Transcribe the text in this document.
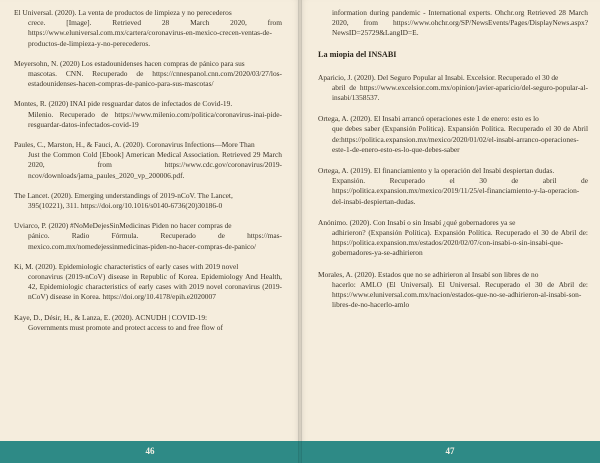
El Universal. (2020). La venta de productos de limpieza y no perecederos
crece. [Image]. Retrieved 28 March 2020, from https://www.eluniversal.com.mx/cartera/coronavirus-en-mexico-crecen-ventas-de-productos-de-limpieza-y-no-perecederos.

Meyersohn, N. (2020) Los estadounidenses hacen compras de pánico para sus
mascotas. CNN. Recuperado de https://cnnespanol.cnn.com/2020/03/27/los-estadounidenses-hacen-compras-de-panico-para-sus-mascotas/

Montes, R. (2020) INAI pide resguardar datos de infectados de Covid-19.
Milenio. Recuperado de https://www.milenio.com/politica/coronavirus-inai-pide-resguardar-datos-infectados-covid-19

Paules, C., Marston, H., & Fauci, A. (2020). Coronavirus Infections—More Than
Just the Common Cold [Ebook] American Medical Association. Retrieved 29 March 2020, from https://www.cdc.gov/coronavirus/2019-ncov/downloads/jama_paules_2020_vp_200006.pdf.

The Lancet. (2020). Emerging understandings of 2019-nCoV. The Lancet,
395(10221), 311. https://doi.org/10.1016/s0140-6736(20)30186-0

Uviarco, P. (2020) #NoMeDejesSinMedicinas Piden no hacer compras de
pánico. Radio Fórmula. Recuperado de https://mas-mexico.com.mx/nomedejessinmedicinas-piden-no-hacer-compras-de-panico/

Ki, M. (2020). Epidemiologic characteristics of early cases with 2019 novel
coronavirus (2019-nCoV) disease in Republic of Korea. Epidemiology And Health, 42, Epidemiologic characteristics of early cases with 2019 novel coronavirus (2019-nCoV) disease in Korea. https://doi.org/10.4178/epih.e2020007

Kaye, D., Désir, H., & Lanza, E. (2020). ACNUDH | COVID-19:
Governments must promote and protect access to and free flow of

46

information during pandemic - International experts. Ohchr.org Retrieved 28 March 2020, from https://www.ohchr.org/SP/NewsEvents/Pages/DisplayNews.aspx?NewsID=25729&LangID=E.

La miopia del INSABI

Aparicio, J. (2020). Del Seguro Popular al Insabi. Excelsior. Recuperado el 30 de
abril de https://www.excelsior.com.mx/opinion/javier-aparicio/del-seguro-popular-al-insabi/1358537.

Ortega, A. (2020). El Insabi arrancó operaciones este 1 de enero: esto es lo
que debes saber (Expansión Política). Expansión Política. Recuperado el 30 de Abril de:https://politica.expansion.mx/mexico/2020/01/02/el-insabi-arranco-operaciones-este-1-de-enero-esto-es-lo-que-debes-saber

Ortega, A. (2019). El financiamiento y la operación del Insabi despiertan dudas.
Expansión. Recuperado el 30 de abril de https://politica.expansion.mx/mexico/2019/11/25/el-financiamiento-y-la-operacion-del-insabi-despiertan-dudas.

Anónimo. (2020). Con Insabí o sin Insabí ¿qué gobernadores ya se
adhirieron? (Expansión Política). Expansión Política. Recuperado el 30 de Abril de: https://politica.expansion.mx/estados/2020/02/07/con-insabi-o-sin-insabi-que-gobernadores-ya-se-adhirieron

Morales, A. (2020). Estados que no se adhirieron al Insabí son libres de no
hacerlo: AMLO (El Universal). El Universal. Recuperado el 30 de Abril de: https://www.eluniversal.com.mx/nacion/estados-que-no-se-adhirieron-al-insabi-son-libres-de-no-hacerlo-amlo

47
